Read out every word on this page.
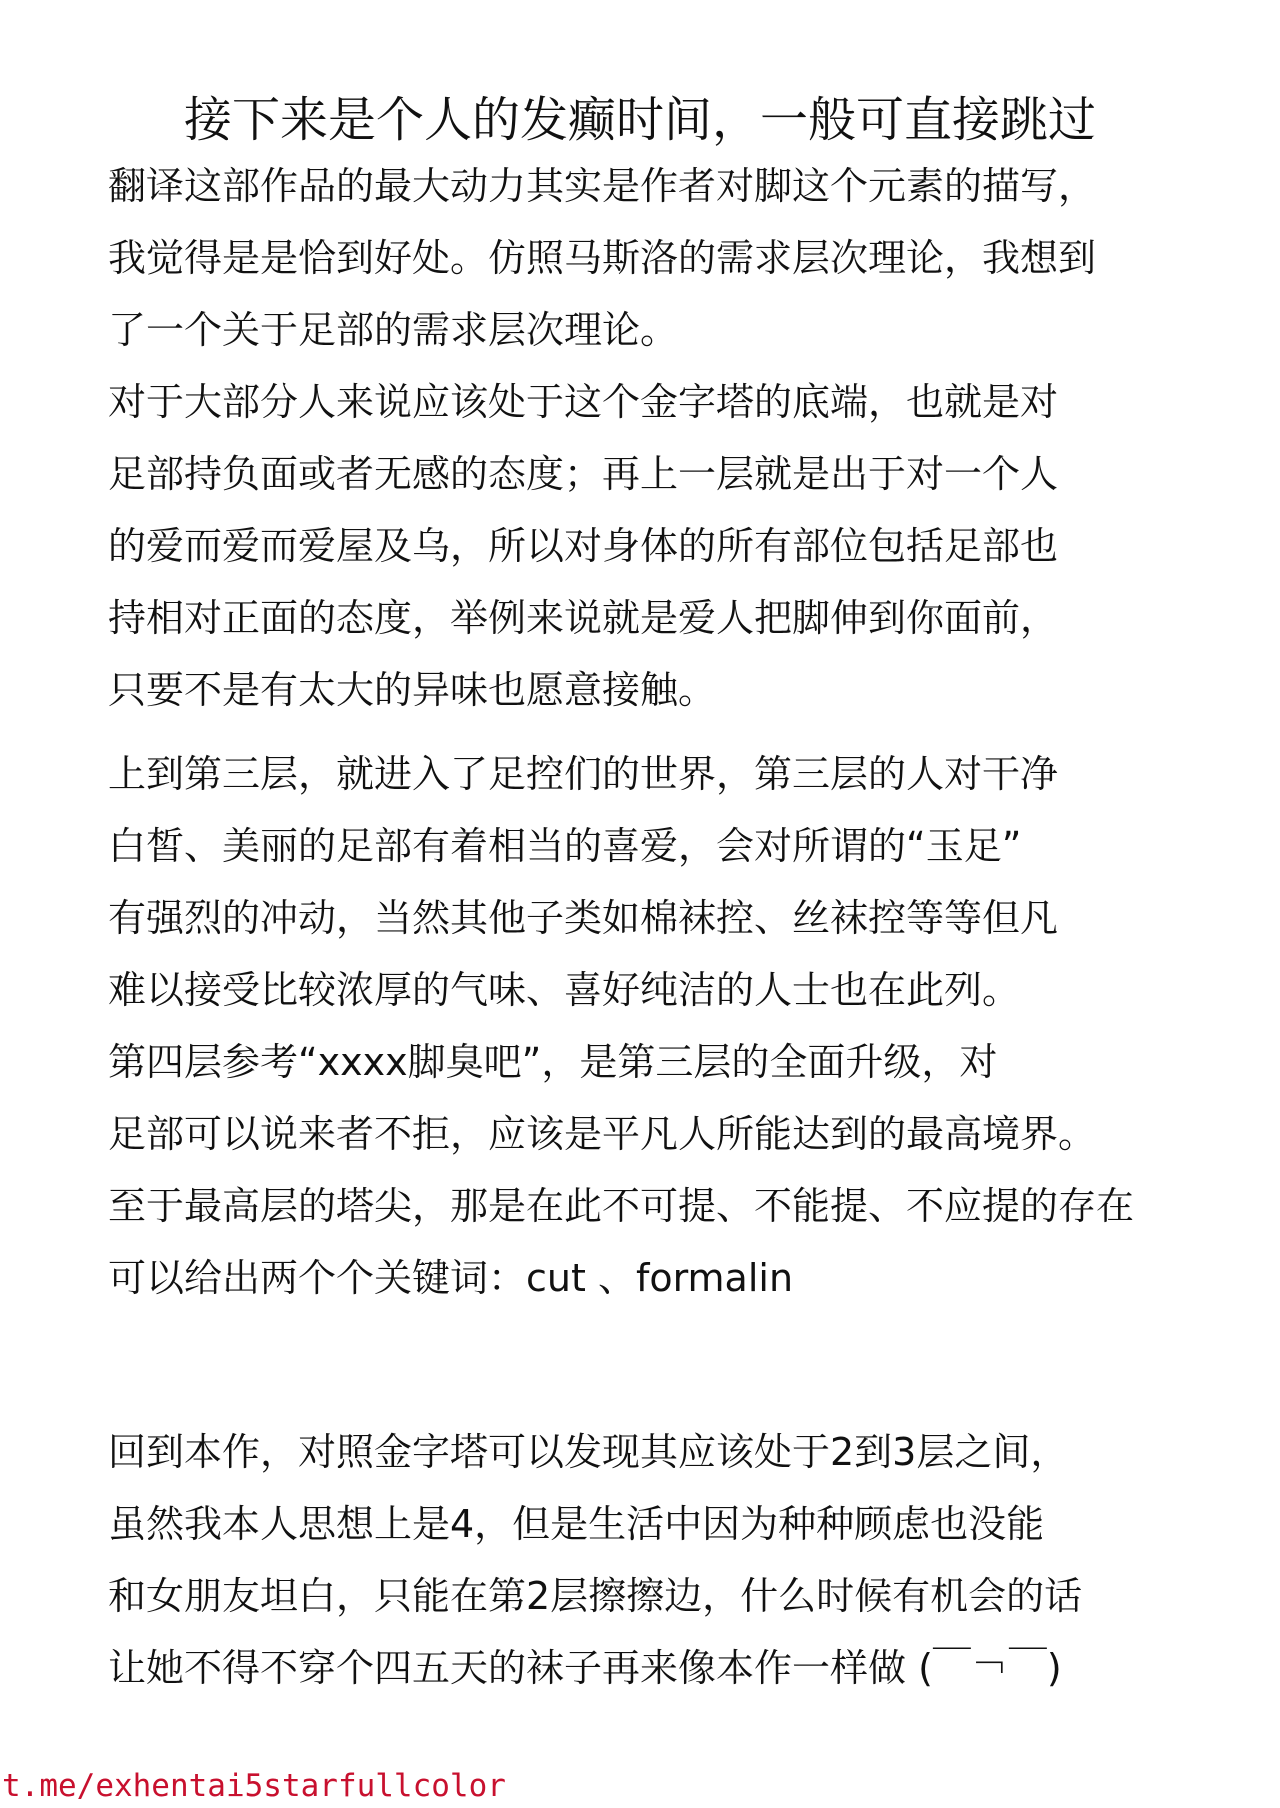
接下来是个人的发癫时间，一般可直接跳过
翻译这部作品的最大动力其实是作者对脚这个元素的描写，
我觉得是是恰到好处。仿照马斯洛的需求层次理论，我想到
了一个关于足部的需求层次理论。
对于大部分人来说应该处于这个金字塔的底端，也就是对
足部持负面或者无感的态度；再上一层就是出于对一个人
的爱而爱而爱屋及乌，所以对身体的所有部位包括足部也
持相对正面的态度，举例来说就是爱人把脚伸到你面前，
只要不是有太大的异味也愿意接触。
上到第三层，就进入了足控们的世界，第三层的人对干净
白皙、美丽的足部有着相当的喜爱，会对所谓的“玉足”
有强烈的冲动，当然其他子类如棉袜控、丝袜控等等但凡
难以接受比较浓厚的气味、喜好纯洁的人士也在此列。
第四层参考“xxxx脚臭吧”，是第三层的全面升级，对
足部可以说来者不拒，应该是平凡人所能达到的最高境界。
至于最高层的塔尖，那是在此不可提、不能提、不应提的存在
可以给出两个个关键词：cut 、formalin
回到本作，对照金字塔可以发现其应该处于2到3层之间，
虽然我本人思想上是4，但是生活中因为种种顾虑也没能
和女朋友坦白，只能在第2层擦擦边，什么时候有机会的话
让她不得不穿个四五天的袜子再来像本作一样做 (￣￢￣)
t.me/exhentai5starfullcolor
